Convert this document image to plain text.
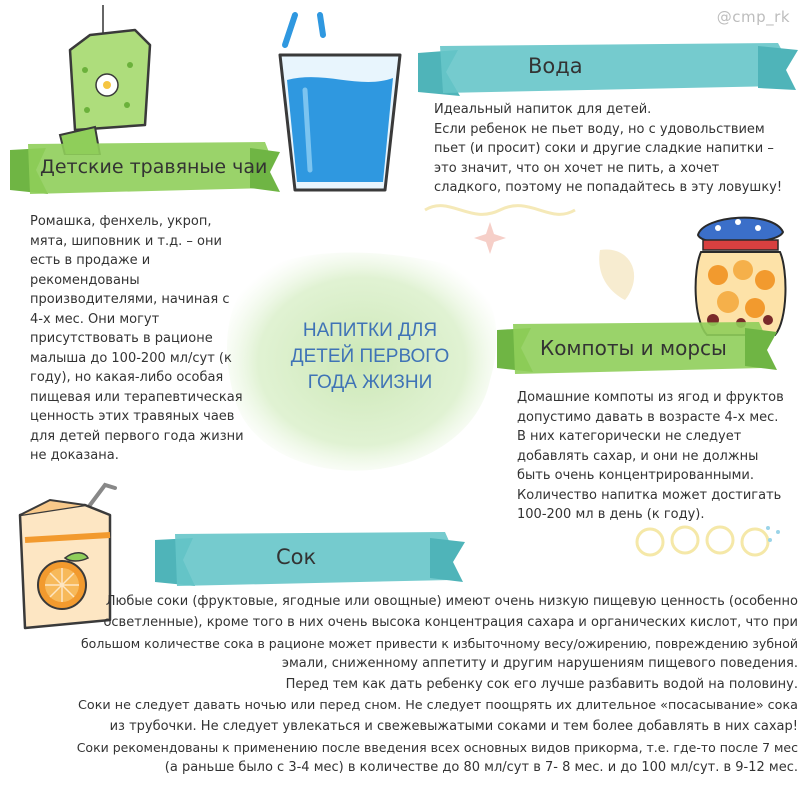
@cmp_rk
Вода
Детские травяные чаи
Компоты и морсы
Сок
Идеальный напиток для детей.
Если ребенок не пьет воду, но с удовольствием
пьет (и просит) соки и другие сладкие напитки –
это значит, что он хочет не пить, а хочет
сладкого, поэтому не попадайтесь в эту ловушку!
Ромашка, фенхель, укроп,
мята, шиповник и т.д. – они
есть в продаже и
рекомендованы
производителями, начиная с
4-х мес. Они могут
присутствовать в рационе
малыша до 100-200 мл/сут (к
году), но какая-либо особая
пищевая или терапевтическая
ценность этих травяных чаев
для детей первого года жизни
не доказана.
НАПИТКИ ДЛЯ
ДЕТЕЙ ПЕРВОГО
ГОДА ЖИЗНИ
Домашние компоты из ягод и фруктов
допустимо давать в возрасте 4-х мес.
В них категорически не следует
добавлять сахар, и они не должны
быть очень концентрированными.
Количество напитка может достигать
100-200 мл в день (к году).
Любые соки (фруктовые, ягодные или овощные) имеют очень низкую пищевую ценность (особенно
осветленные), кроме того в них очень высока концентрация сахара и органических кислот, что при
большом количестве сока в рационе может привести к избыточному весу/ожирению, повреждению зубной
эмали, сниженному аппетиту и другим нарушениям пищевого поведения.
Перед тем как дать ребенку сок его лучше разбавить водой на половину.
Соки не следует давать ночью или перед сном. Не следует поощрять их длительное «посасывание» сока
из трубочки. Не следует увлекаться и свежевыжатыми соками и тем более добавлять в них сахар!
Соки рекомендованы к применению после введения всех основных видов прикорма, т.е. где-то после 7 мес
(а раньше было с 3-4 мес) в количестве до 80 мл/сут в 7- 8 мес. и до 100 мл/сут. в 9-12 мес.
